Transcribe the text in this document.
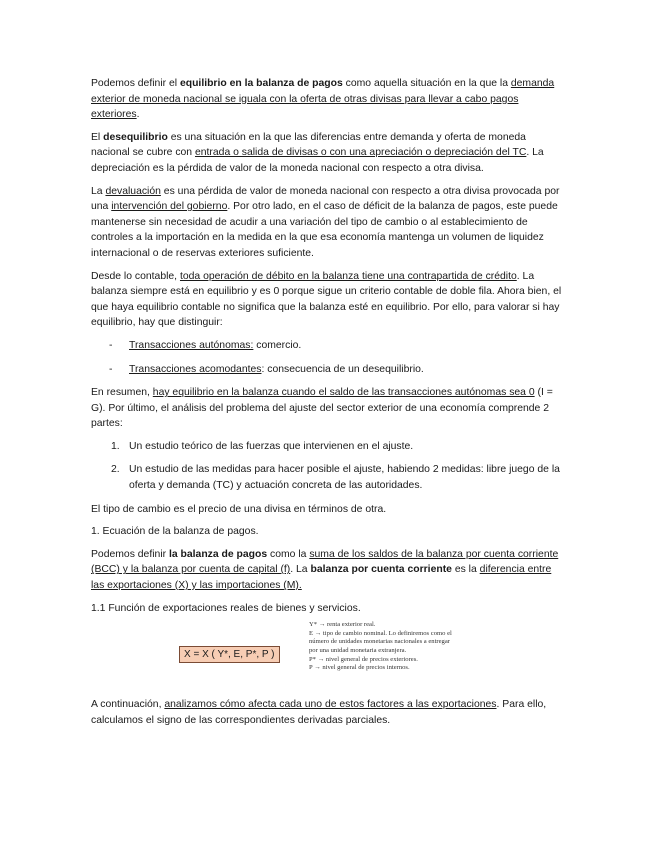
Podemos definir el equilibrio en la balanza de pagos como aquella situación en la que la demanda exterior de moneda nacional se iguala con la oferta de otras divisas para llevar a cabo pagos exteriores.

El desequilibrio es una situación en la que las diferencias entre demanda y oferta de moneda nacional se cubre con entrada o salida de divisas o con una apreciación o depreciación del TC. La depreciación es la pérdida de valor de la moneda nacional con respecto a otra divisa.

La devaluación es una pérdida de valor de moneda nacional con respecto a otra divisa provocada por una intervención del gobierno. Por otro lado, en el caso de déficit de la balanza de pagos, este puede mantenerse sin necesidad de acudir a una variación del tipo de cambio o al establecimiento de controles a la importación en la medida en la que esa economía mantenga un volumen de liquidez internacional o de reservas exteriores suficiente.

Desde lo contable, toda operación de débito en la balanza tiene una contrapartida de crédito. La balanza siempre está en equilibrio y es 0 porque sigue un criterio contable de doble fila. Ahora bien, el que haya equilibrio contable no significa que la balanza esté en equilibrio. Por ello, para valorar si hay equilibrio, hay que distinguir:

- Transacciones autónomas: comercio.
- Transacciones acomodantes: consecuencia de un desequilibrio.

En resumen, hay equilibrio en la balanza cuando el saldo de las transacciones autónomas sea 0 (I = G). Por último, el análisis del problema del ajuste del sector exterior de una economía comprende 2 partes:

1. Un estudio teórico de las fuerzas que intervienen en el ajuste.
2. Un estudio de las medidas para hacer posible el ajuste, habiendo 2 medidas: libre juego de la oferta y demanda (TC) y actuación concreta de las autoridades.

El tipo de cambio es el precio de una divisa en términos de otra.

1. Ecuación de la balanza de pagos.

Podemos definir la balanza de pagos como la suma de los saldos de la balanza por cuenta corriente (BCC) y la balanza por cuenta de capital (f). La balanza por cuenta corriente es la diferencia entre las exportaciones (X) y las importaciones (M).

1.1 Función de exportaciones reales de bienes y servicios.

X = X ( Y*, E, P*, P )
Y* → renta exterior real.
E → tipo de cambio nominal. Lo definiremos como el
número de unidades monetarias nacionales a entregar
por una unidad monetaria extranjera.
P* → nivel general de precios exteriores.
P → nivel general de precios internos.

A continuación, analizamos cómo afecta cada uno de estos factores a las exportaciones. Para ello, calculamos el signo de las correspondientes derivadas parciales.
